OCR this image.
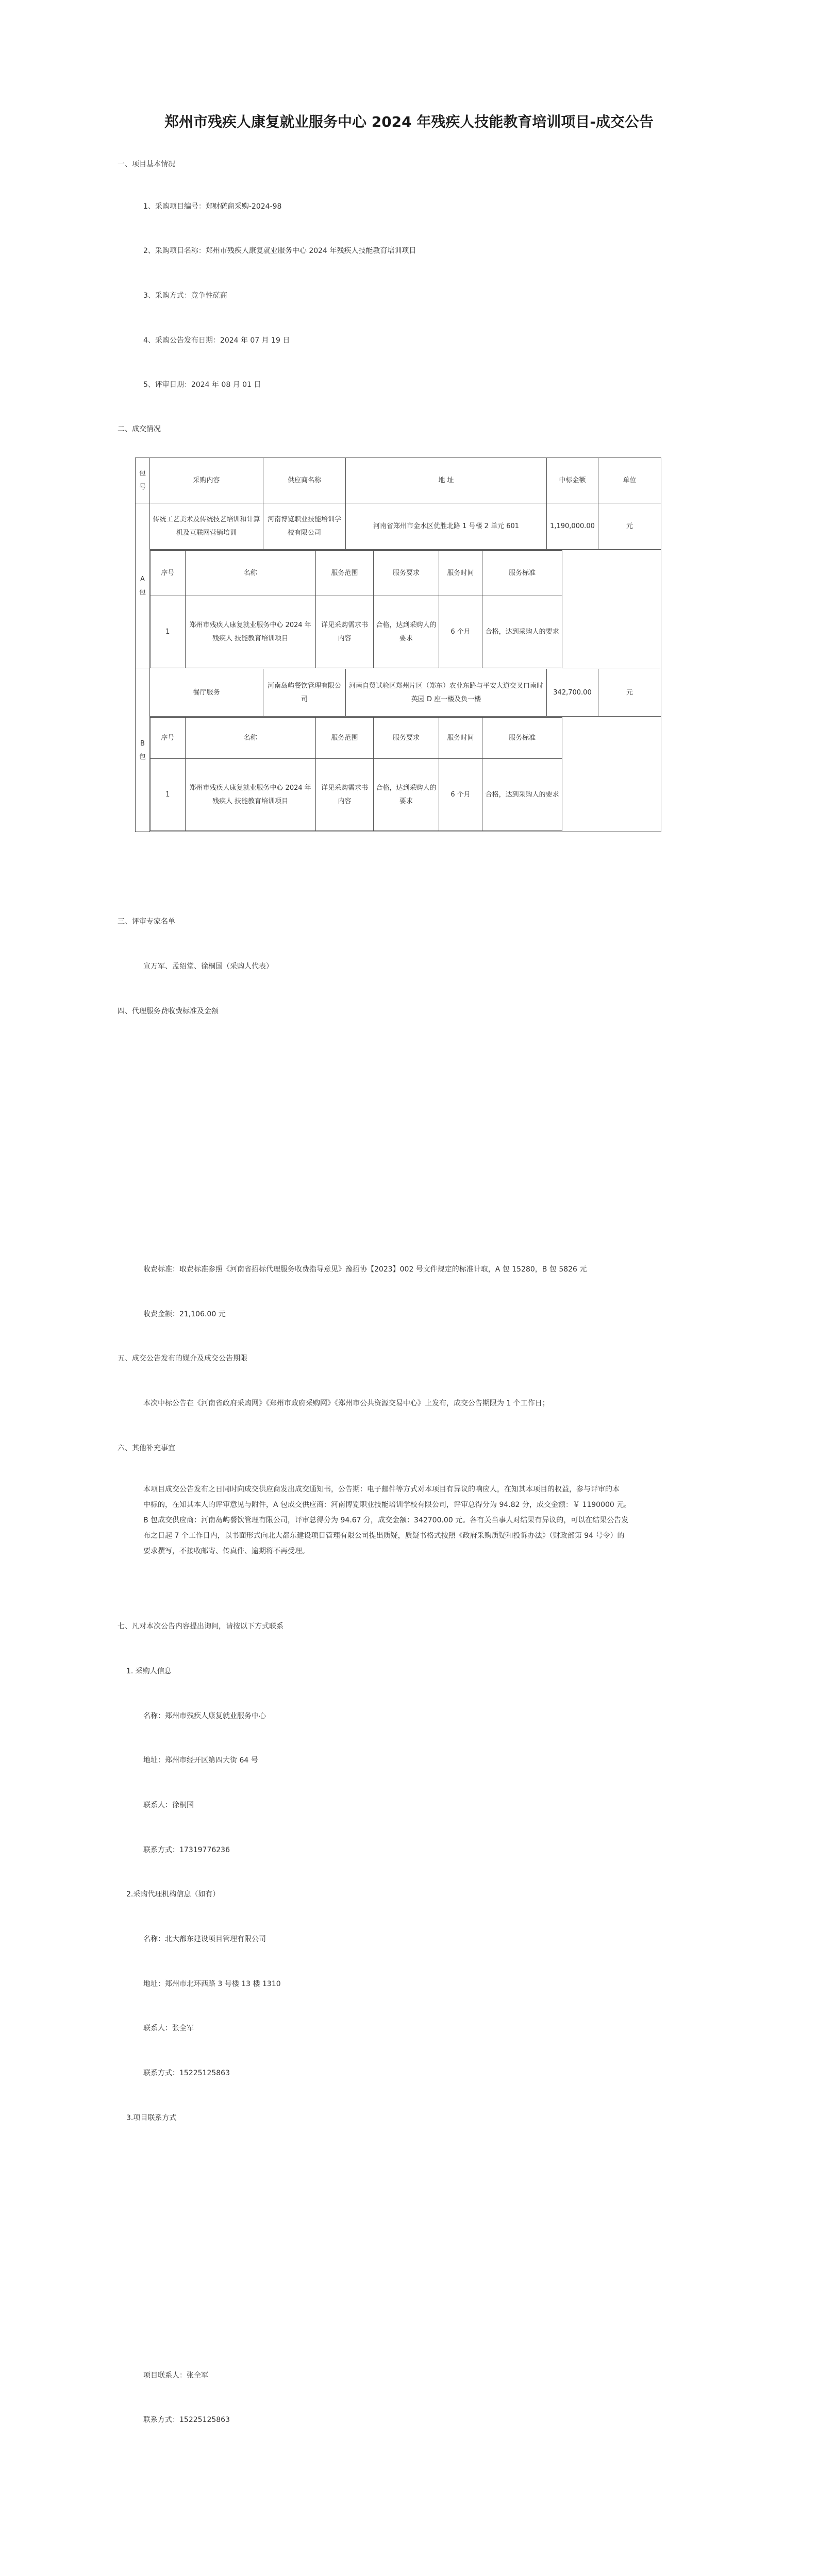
郑州市残疾人康复就业服务中心 2024 年残疾人技能教育培训项目-成交公告
一、项目基本情况
1、采购项目编号：郑财磋商采购-2024-98
2、采购项目名称：郑州市残疾人康复就业服务中心 2024 年残疾人技能教育培训项目
3、采购方式：竞争性磋商
4、采购公告发布日期：2024 年 07 月 19 日
5、评审日期：2024 年 08 月 01 日
二、成交情况
包号	采购内容	供应商名称	地 址	中标金额	单位
A 包	传统工艺美术及传统技艺培训和计算机及互联网营销培训	河南博览职业技能培训学校有限公司	河南省郑州市金水区优胜北路 1 号楼 2 单元 601	1,190,000.00	元

序号	名称	服务范围	服务要求	服务时间	服务标准
1	郑州市残疾人康复就业服务中心 2024 年残疾人 技能教育培训项目	详见采购需求书内容	合格，达到采购人的要求	6 个月	合格，达到采购人的要求

B 包	餐厅服务	河南岛屿餐饮管理有限公司	河南自贸试验区郑州片区（郑东）农业东路与平安大道交叉口南时英园 D 座一楼及负一楼	342,700.00	元

序号	名称	服务范围	服务要求	服务时间	服务标准
1	郑州市残疾人康复就业服务中心 2024 年残疾人 技能教育培训项目	详见采购需求书内容	合格，达到采购人的要求	6 个月	合格，达到采购人的要求
三、评审专家名单
宣万军、孟绍堂、徐桐国（采购人代表）
四、代理服务费收费标准及金额
收费标准：取费标准参照《河南省招标代理服务收费指导意见》豫招协【2023】002 号文件规定的标准计取，A 包 15280，B 包 5826 元
收费金额：21,106.00 元
五、成交公告发布的媒介及成交公告期限
本次中标公告在《河南省政府采购网》《郑州市政府采购网》《郑州市公共资源交易中心》上发布，成交公告期限为 1 个工作日；
六、其他补充事宜
本项目成交公告发布之日同时向成交供应商发出成交通知书，公告期：电子邮件等方式对本项目有异议的响应人，在知其本项目的权益，参与评审的本
中标的，在知其本人的评审意见与附件，A 包成交供应商：河南博览职业技能培训学校有限公司，评审总得分为 94.82 分，成交金额：￥ 1190000 元。
B 包成交供应商：河南岛屿餐饮管理有限公司，评审总得分为 94.67 分，成交金额：342700.00 元。各有关当事人对结果有异议的，可以在结果公告发
布之日起 7 个工作日内，以书面形式向北大都东建设项目管理有限公司提出质疑，质疑书格式按照《政府采购质疑和投诉办法》（财政部第 94 号令）的
要求撰写，不接收邮寄、传真件、逾期将不再受理。
七、凡对本次公告内容提出询问，请按以下方式联系
1. 采购人信息
名称：郑州市残疾人康复就业服务中心
地址：郑州市经开区第四大街 64 号
联系人：徐桐国
联系方式：17319776236
2.采购代理机构信息（如有）
名称：北大都东建设项目管理有限公司
地址：郑州市北环西路 3 号楼 13 楼 1310
联系人：张全军
联系方式：15225125863
3.项目联系方式
项目联系人：张全军
联系方式：15225125863
